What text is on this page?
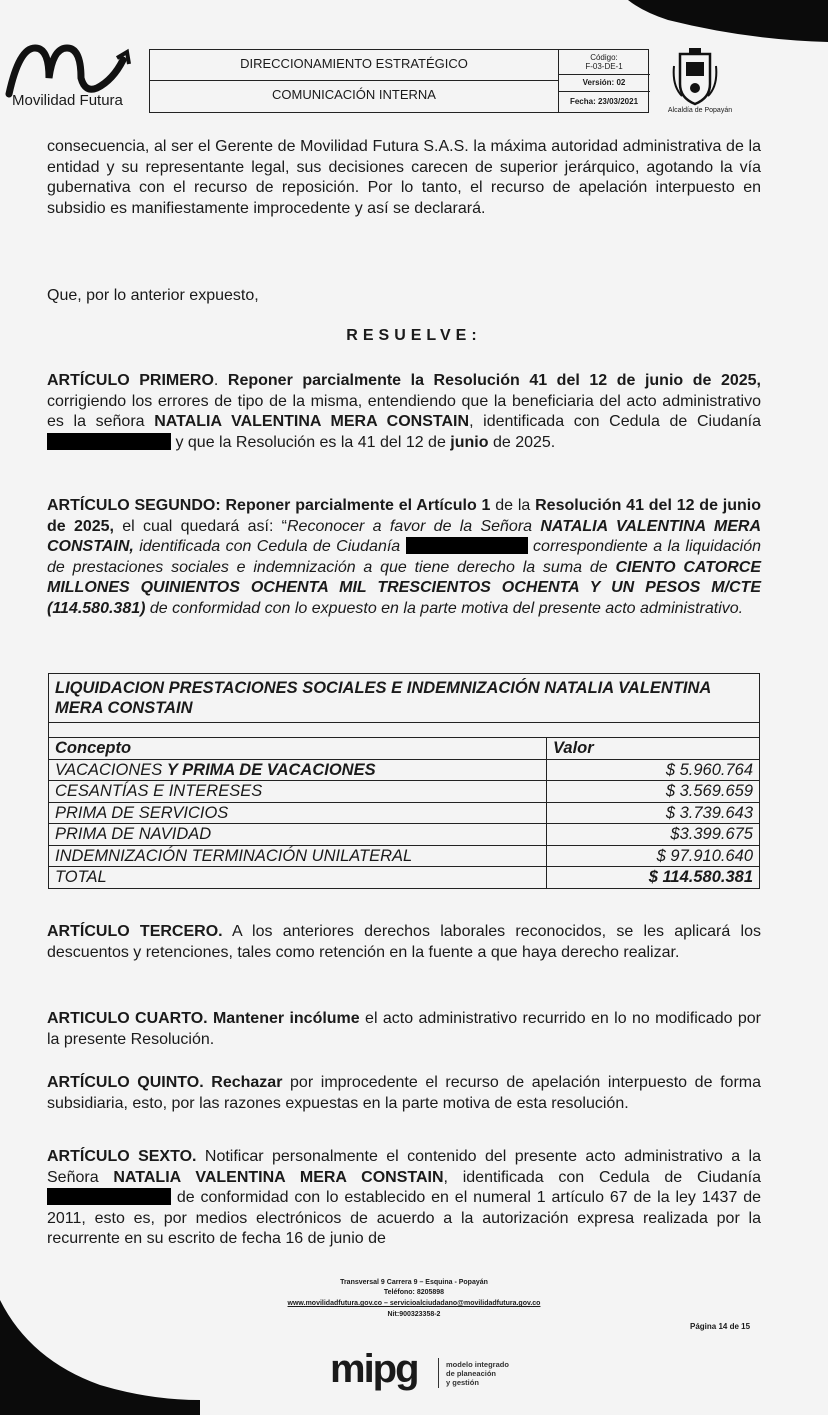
Movilidad Futura
DIRECCIONAMIENTO ESTRATÉGICO
COMUNICACIÓN INTERNA
Código:
F-03-DE-1
Versión: 02
Fecha: 23/03/2021
Alcaldía de Popayán
consecuencia, al ser el Gerente de Movilidad Futura S.A.S. la máxima autoridad administrativa de la entidad y su representante legal, sus decisiones carecen de superior jerárquico, agotando la vía gubernativa con el recurso de reposición. Por lo tanto, el recurso de apelación interpuesto en subsidio es manifiestamente improcedente y así se declarará.
Que, por lo anterior expuesto,
RESUELVE:
ARTÍCULO PRIMERO. Reponer parcialmente la Resolución 41 del 12 de junio de 2025, corrigiendo los errores de tipo de la misma, entendiendo que la beneficiaria del acto administrativo es la señora NATALIA VALENTINA MERA CONSTAIN, identificada con Cedula de Ciudanía y que la Resolución es la 41 del 12 de junio de 2025.
ARTÍCULO SEGUNDO: Reponer parcialmente el Artículo 1 de la Resolución 41 del 12 de junio de 2025, el cual quedará así: “Reconocer a favor de la Señora NATALIA VALENTINA MERA CONSTAIN, identificada con Cedula de Ciudanía	correspondiente a la liquidación de prestaciones sociales e indemnización a que tiene derecho la suma de CIENTO CATORCE MILLONES QUINIENTOS OCHENTA MIL TRESCIENTOS OCHENTA Y UN PESOS M/CTE (114.580.381) de conformidad con lo expuesto en la parte motiva del presente acto administrativo.
LIQUIDACION PRESTACIONES SOCIALES E INDEMNIZACIÓN NATALIA VALENTINA MERA CONSTAIN	

Concepto	Valor
VACACIONES Y PRIMA DE VACACIONES	$ 5.960.764
CESANTÍAS E INTERESES	$ 3.569.659
PRIMA DE SERVICIOS	$ 3.739.643
PRIMA DE NAVIDAD	$3.399.675
INDEMNIZACIÓN TERMINACIÓN UNILATERAL	$ 97.910.640
TOTAL	$ 114.580.381
ARTÍCULO TERCERO. A los anteriores derechos laborales reconocidos, se les aplicará los descuentos y retenciones, tales como retención en la fuente a que haya derecho realizar.
ARTICULO CUARTO. Mantener incólume el acto administrativo recurrido en lo no modificado por la presente Resolución.
ARTÍCULO QUINTO. Rechazar por improcedente el recurso de apelación interpuesto de forma subsidiaria, esto, por las razones expuestas en la parte motiva de esta resolución.
ARTÍCULO SEXTO. Notificar personalmente el contenido del presente acto administrativo a la Señora NATALIA VALENTINA MERA CONSTAIN, identificada con Cedula de Ciudanía de conformidad con lo establecido en el numeral 1 artículo 67 de la ley 1437 de 2011, esto es, por medios electrónicos de acuerdo a la autorización expresa realizada por la recurrente en su escrito de fecha 16 de junio de
Transversal 9 Carrera 9 – Esquina - Popayán
Teléfono: 8205898
www.movilidadfutura.gov.co – servicioalciudadano@movilidadfutura.gov.co
Nit:900323358-2
Página 14 de 15
mipg	modelo integrado
de planeación
y gestión
